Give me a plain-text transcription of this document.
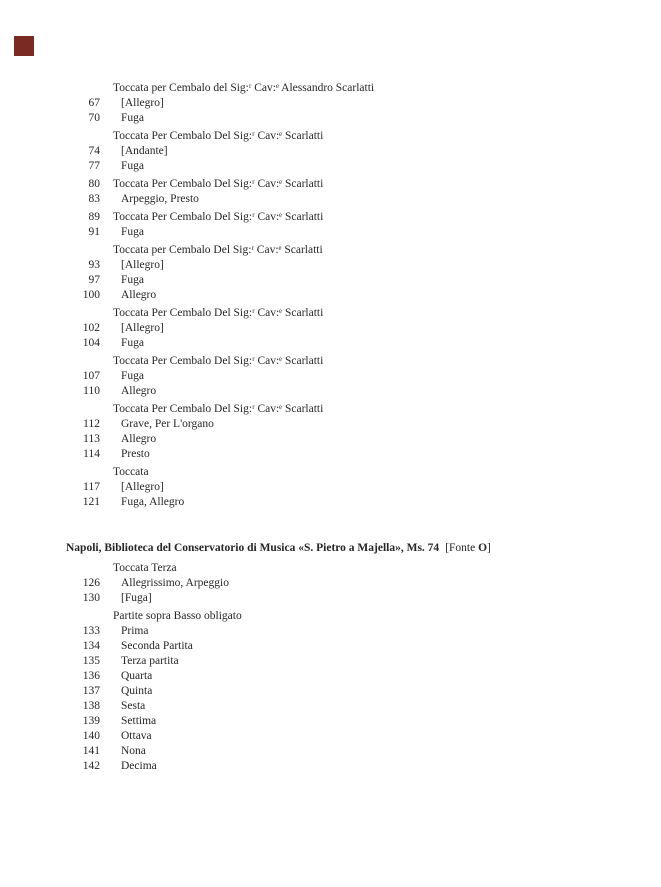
Toccata per Cembalo del Sig:ʳ Cav:ᵉ Alessandro Scarlatti
67 [Allegro]
70 Fuga
Toccata Per Cembalo Del Sig:ʳ Cav:ᵉ Scarlatti
74 [Andante]
77 Fuga
80 Toccata Per Cembalo Del Sig:ʳ Cav:ᵉ Scarlatti
83 Arpeggio, Presto
89 Toccata Per Cembalo Del Sig:ʳ Cav:ᵉ Scarlatti
91 Fuga
Toccata per Cembalo Del Sig:ʳ Cav:ᵉ Scarlatti
93 [Allegro]
97 Fuga
100 Allegro
Toccata Per Cembalo Del Sig:ʳ Cav:ᵉ Scarlatti
102 [Allegro]
104 Fuga
Toccata Per Cembalo Del Sig:ʳ Cav:ᵉ Scarlatti
107 Fuga
110 Allegro
Toccata Per Cembalo Del Sig:ʳ Cav:ᵉ Scarlatti
112 Grave, Per L'organo
113 Allegro
114 Presto
Toccata
117 [Allegro]
121 Fuga, Allegro
Napoli, Biblioteca del Conservatorio di Musica «S. Pietro a Majella», Ms. 74 [Fonte O]
Toccata Terza
126 Allegrissimo, Arpeggio
130 [Fuga]
Partite sopra Basso obligato
133 Prima
134 Seconda Partita
135 Terza partita
136 Quarta
137 Quinta
138 Sesta
139 Settima
140 Ottava
141 Nona
142 Decima
